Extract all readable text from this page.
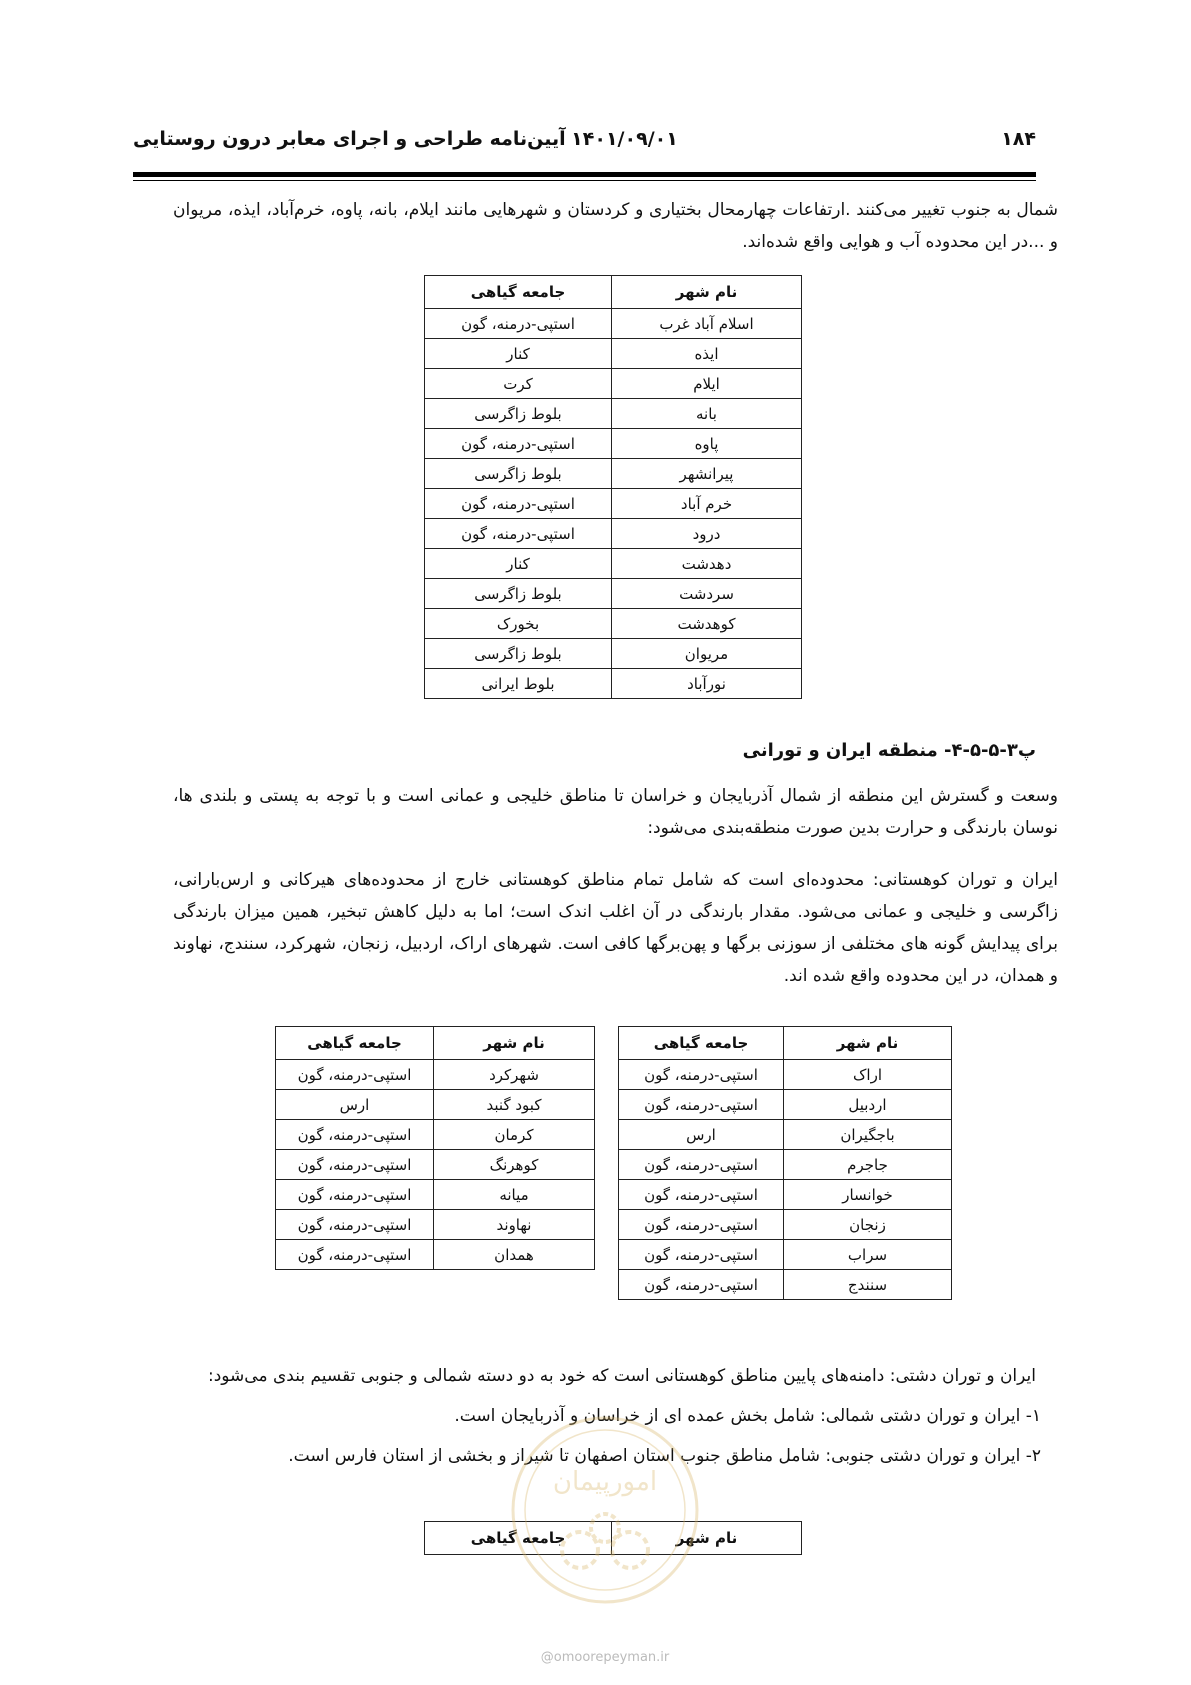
۱۸۴
۱۴۰۱/۰۹/۰۱
آیین‌نامه طراحی و اجرای معابر درون روستایی
شمال به جنوب تغییر می‌کنند .ارتفاعات چهارمحال بختیاری و کردستان و شهرهایی مانند ایلام، بانه، پاوه، خرم‌آباد، ایذه، مریوان و ...در این محدوده آب و هوایی واقع شده‌اند.
نام شهر	جامعه گیاهی
اسلام آباد غرب	استپی-درمنه، گون
ایذه	کنار
ایلام	کرت
بانه	بلوط زاگرسی
پاوه	استپی-درمنه، گون
پیرانشهر	بلوط زاگرسی
خرم آباد	استپی-درمنه، گون
درود	استپی-درمنه، گون
دهدشت	کنار
سردشت	بلوط زاگرسی
کوهدشت	بخورک
مریوان	بلوط زاگرسی
نورآباد	بلوط ایرانی
پ۳-۵-۵-۴- منطقه ایران و تورانی
وسعت و گسترش این منطقه از شمال آذربایجان و خراسان تا مناطق خلیجی و عمانی است و با توجه به پستی و بلندی ها، نوسان بارندگی و حرارت بدین صورت منطقه‌بندی می‌شود:
ایران و توران کوهستانی: محدوده‌ای است که شامل تمام مناطق کوهستانی خارج از محدوده‌های هیرکانی و ارس‌بارانی، زاگرسی و خلیجی و عمانی می‌شود. مقدار بارندگی در آن اغلب اندک است؛ اما به دلیل کاهش تبخیر، همین میزان بارندگی برای پیدایش گونه های مختلفی از سوزنی برگها و پهن‌برگها کافی است. شهرهای اراک، اردبیل، زنجان، شهرکرد، سنندج، نهاوند و همدان، در این محدوده واقع شده اند.
نام شهر	جامعه گیاهی
اراک	استپی-درمنه، گون
اردبیل	استپی-درمنه، گون
باجگیران	ارس
جاجرم	استپی-درمنه، گون
خوانسار	استپی-درمنه، گون
زنجان	استپی-درمنه، گون
سراب	استپی-درمنه، گون
سنندج	استپی-درمنه، گون
نام شهر	جامعه گیاهی
شهرکرد	استپی-درمنه، گون
کبود گنبد	ارس
کرمان	استپی-درمنه، گون
کوهرنگ	استپی-درمنه، گون
میانه	استپی-درمنه، گون
نهاوند	استپی-درمنه، گون
همدان	استپی-درمنه، گون
ایران و توران دشتی: دامنه‌های پایین مناطق کوهستانی است که خود به دو دسته شمالی و جنوبی تقسیم بندی می‌شود:
۱- ایران و توران دشتی شمالی: شامل بخش عمده ای از خراسان و آذربایجان است.
۲- ایران و توران دشتی جنوبی: شامل مناطق جنوب استان اصفهان تا شیراز و بخشی از استان فارس است.
نام شهر	جامعه گیاهی
امورپیمان
@omoorepeyman.ir
